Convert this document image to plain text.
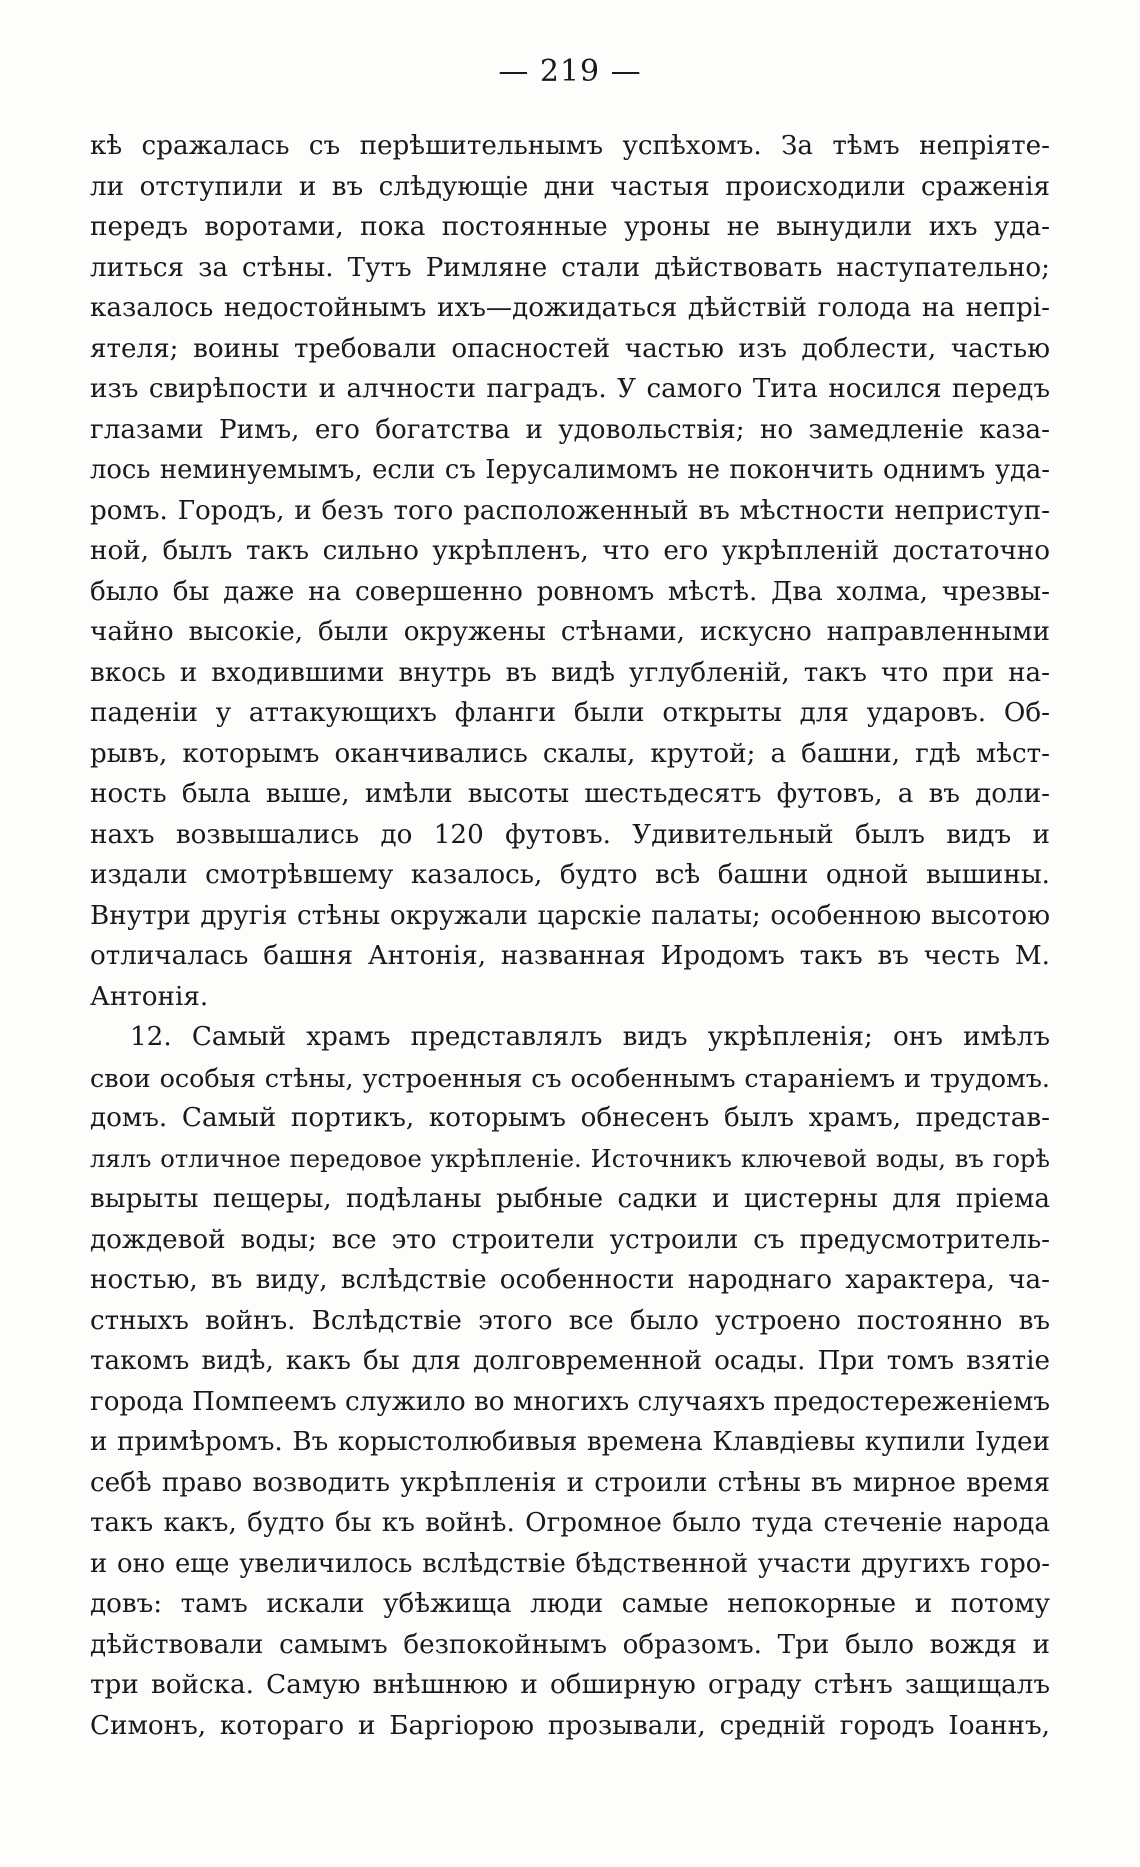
— 219 —
кѣ сражалась съ перѣшительнымъ успѣхомъ. За тѣмъ непріяте-
ли отступили и въ слѣдующіе дни частыя происходили сраженія
передъ воротами, пока постоянные уроны не вынудили ихъ уда-
литься за стѣны. Тутъ Римляне стали дѣйствовать наступательно;
казалось недостойнымъ ихъ—дожидаться дѣйствій голода на непрі-
ятеля; воины требовали опасностей частью изъ доблести, частью
изъ свирѣпости и алчности паградъ. У самого Тита носился передъ
глазами Римъ, его богатства и удовольствія; но замедленіе каза-
лось неминуемымъ, если съ Іерусалимомъ не покончить однимъ уда-
ромъ. Городъ, и безъ того расположенный въ мѣстности неприступ-
ной, былъ такъ сильно укрѣпленъ, что его укрѣпленій достаточно
было бы даже на совершенно ровномъ мѣстѣ. Два холма, чрезвы-
чайно высокіе, были окружены стѣнами, искусно направленными
вкось и входившими внутрь въ видѣ углубленій, такъ что при на-
паденіи у аттакующихъ фланги были открыты для ударовъ. Об-
рывъ, которымъ оканчивались скалы, крутой; а башни, гдѣ мѣст-
ность была выше, имѣли высоты шестьдесятъ футовъ, а въ доли-
нахъ возвышались до 120 футовъ. Удивительный былъ видъ и
издали смотрѣвшему казалось, будто всѣ башни одной вышины.
Внутри другія стѣны окружали царскіе палаты; особенною высотою
отличалась башня Антонія, названная Иродомъ такъ въ честь М.
Антонія.
12. Самый храмъ представлялъ видъ укрѣпленія; онъ имѣлъ
свои особыя стѣны, устроенныя съ особеннымъ стараніемъ и трудомъ.
домъ. Самый портикъ, которымъ обнесенъ былъ храмъ, представ-
лялъ отличное передовое укрѣпленіе. Источникъ ключевой воды, въ горѣ
вырыты пещеры, подѣланы рыбные садки и цистерны для пріема
дождевой воды; все это строители устроили съ предусмотритель-
ностью, въ виду, вслѣдствіе особенности народнаго характера, ча-
стныхъ войнъ. Вслѣдствіе этого все было устроено постоянно въ
такомъ видѣ, какъ бы для долговременной осады. При томъ взятіе
города Помпеемъ служило во многихъ случаяхъ предостереженіемъ
и примѣромъ. Въ корыстолюбивыя времена Клавдіевы купили Іудеи
себѣ право возводить укрѣпленія и строили стѣны въ мирное время
такъ какъ, будто бы къ войнѣ. Огромное было туда стеченіе народа
и оно еще увеличилось вслѣдствіе бѣдственной участи другихъ горо-
довъ: тамъ искали убѣжища люди самые непокорные и потому
дѣйствовали самымъ безпокойнымъ образомъ. Три было вождя и
три войска. Самую внѣшнюю и обширную ограду стѣнъ защищалъ
Симонъ, котораго и Баргіорою прозывали, средній городъ Іоаннъ,
